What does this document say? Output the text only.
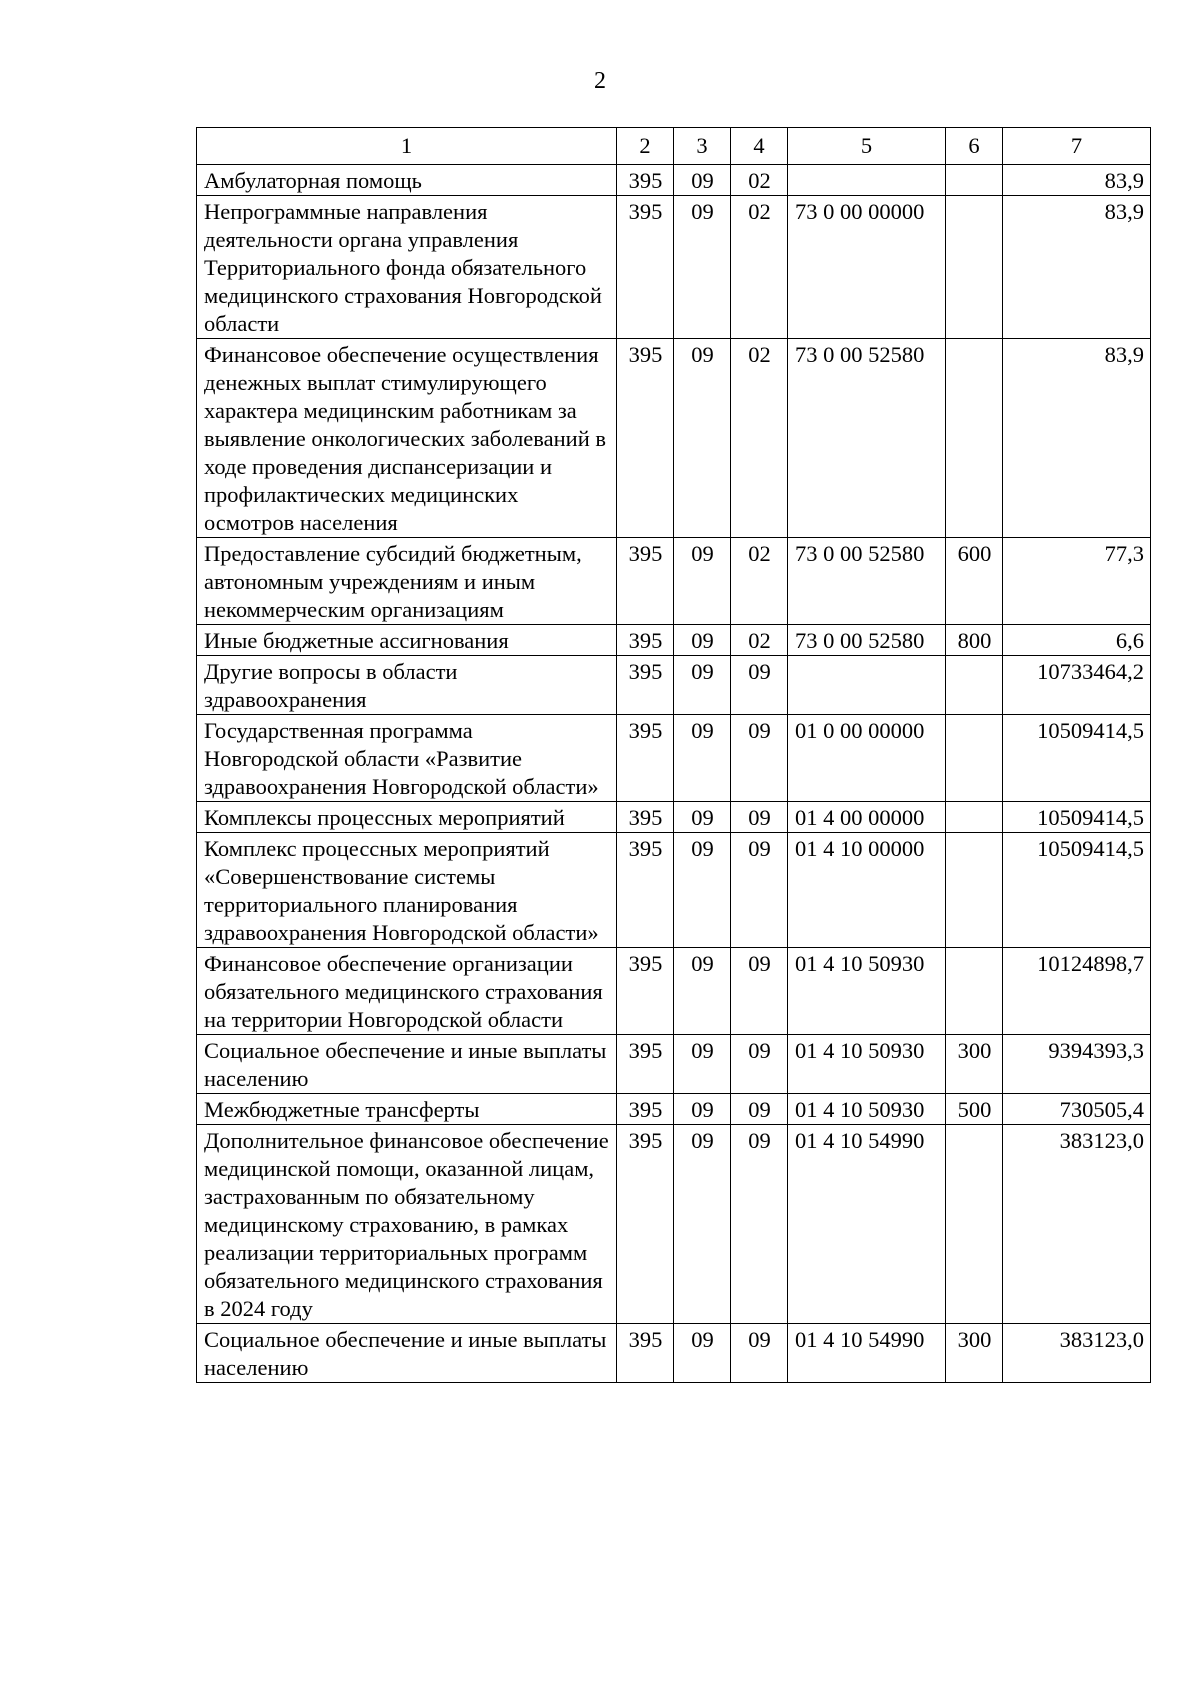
2
1	2	3	4	5	6	7
Амбулаторная помощь	395	09	02			83,9
Непрограммные направления деятельности органа управления Территориального фонда обязательного медицинского страхования Новгородской области	395	09	02	73 0 00 00000		83,9
Финансовое обеспечение осуществления денежных выплат стимулирующего характера медицинским работникам за выявление онкологических заболеваний в ходе проведения диспансеризации и профилактических медицинских осмотров населения	395	09	02	73 0 00 52580		83,9
Предоставление субсидий бюджетным, автономным учреждениям и иным некоммерческим организациям	395	09	02	73 0 00 52580	600	77,3
Иные бюджетные ассигнования	395	09	02	73 0 00 52580	800	6,6
Другие вопросы в области здравоохранения	395	09	09			10733464,2
Государственная программа Новгородской области «Развитие здравоохранения Новгородской области»	395	09	09	01 0 00 00000		10509414,5
Комплексы процессных мероприятий	395	09	09	01 4 00 00000		10509414,5
Комплекс процессных мероприятий «Совершенствование системы территориального планирования здравоохранения Новгородской области»	395	09	09	01 4 10 00000		10509414,5
Финансовое обеспечение организации обязательного медицинского страхования на территории Новгородской области	395	09	09	01 4 10 50930		10124898,7
Социальное обеспечение и иные выплаты населению	395	09	09	01 4 10 50930	300	9394393,3
Межбюджетные трансферты	395	09	09	01 4 10 50930	500	730505,4
Дополнительное финансовое обеспечение медицинской помощи, оказанной лицам, застрахованным по обязательному медицинскому страхованию, в рамках реализации территориальных программ обязательного медицинского страхования в 2024 году	395	09	09	01 4 10 54990		383123,0
Социальное обеспечение и иные выплаты населению	395	09	09	01 4 10 54990	300	383123,0
